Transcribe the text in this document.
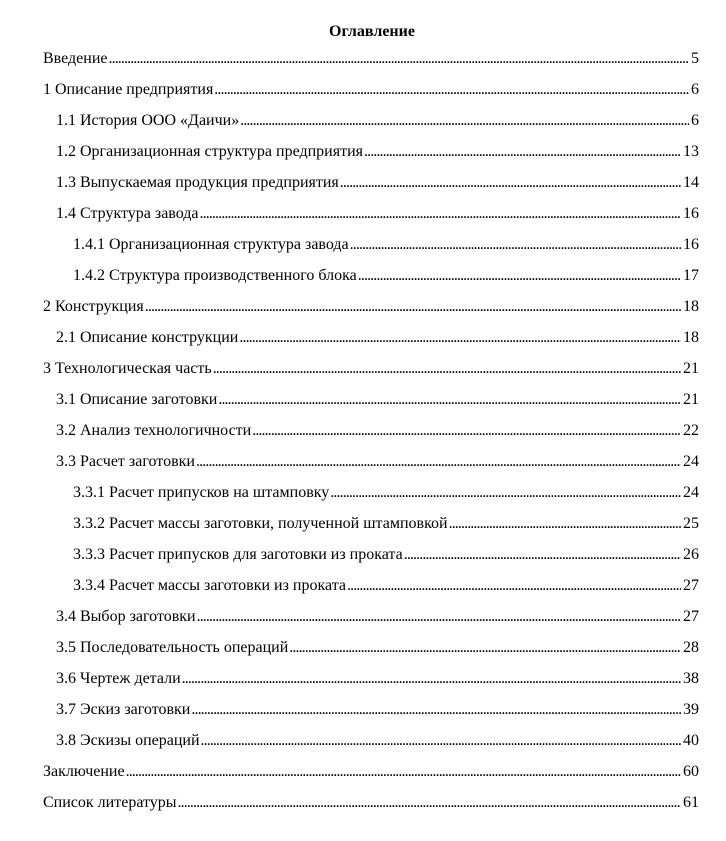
Оглавление
Введение . . .	5
1 Описание предприятия . . .	6
1.1 История ООО «Даичи» . . .	6
1.2 Организационная структура предприятия . . .	13
1.3 Выпускаемая продукция предприятия . . .	14
1.4 Структура завода . . .	16
1.4.1 Организационная структура завода . . .	16
1.4.2 Структура производственного блока . . .	17
2 Конструкция . . .	18
2.1 Описание конструкции . . .	18
3 Технологическая часть . . .	21
3.1 Описание заготовки . . .	21
3.2 Анализ технологичности . . .	22
3.3 Расчет заготовки . . .	24
3.3.1 Расчет припусков на штамповку . . .	24
3.3.2 Расчет массы заготовки, полученной штамповкой . . .	25
3.3.3 Расчет припусков для заготовки из проката . . .	26
3.3.4 Расчет массы заготовки из проката . . .	27
3.4 Выбор заготовки . . .	27
3.5 Последовательность операций . . .	28
3.6 Чертеж детали . . .	38
3.7 Эскиз заготовки . . .	39
3.8 Эскизы операций . . .	40
Заключение . . .	60
Список литературы . . .	61
